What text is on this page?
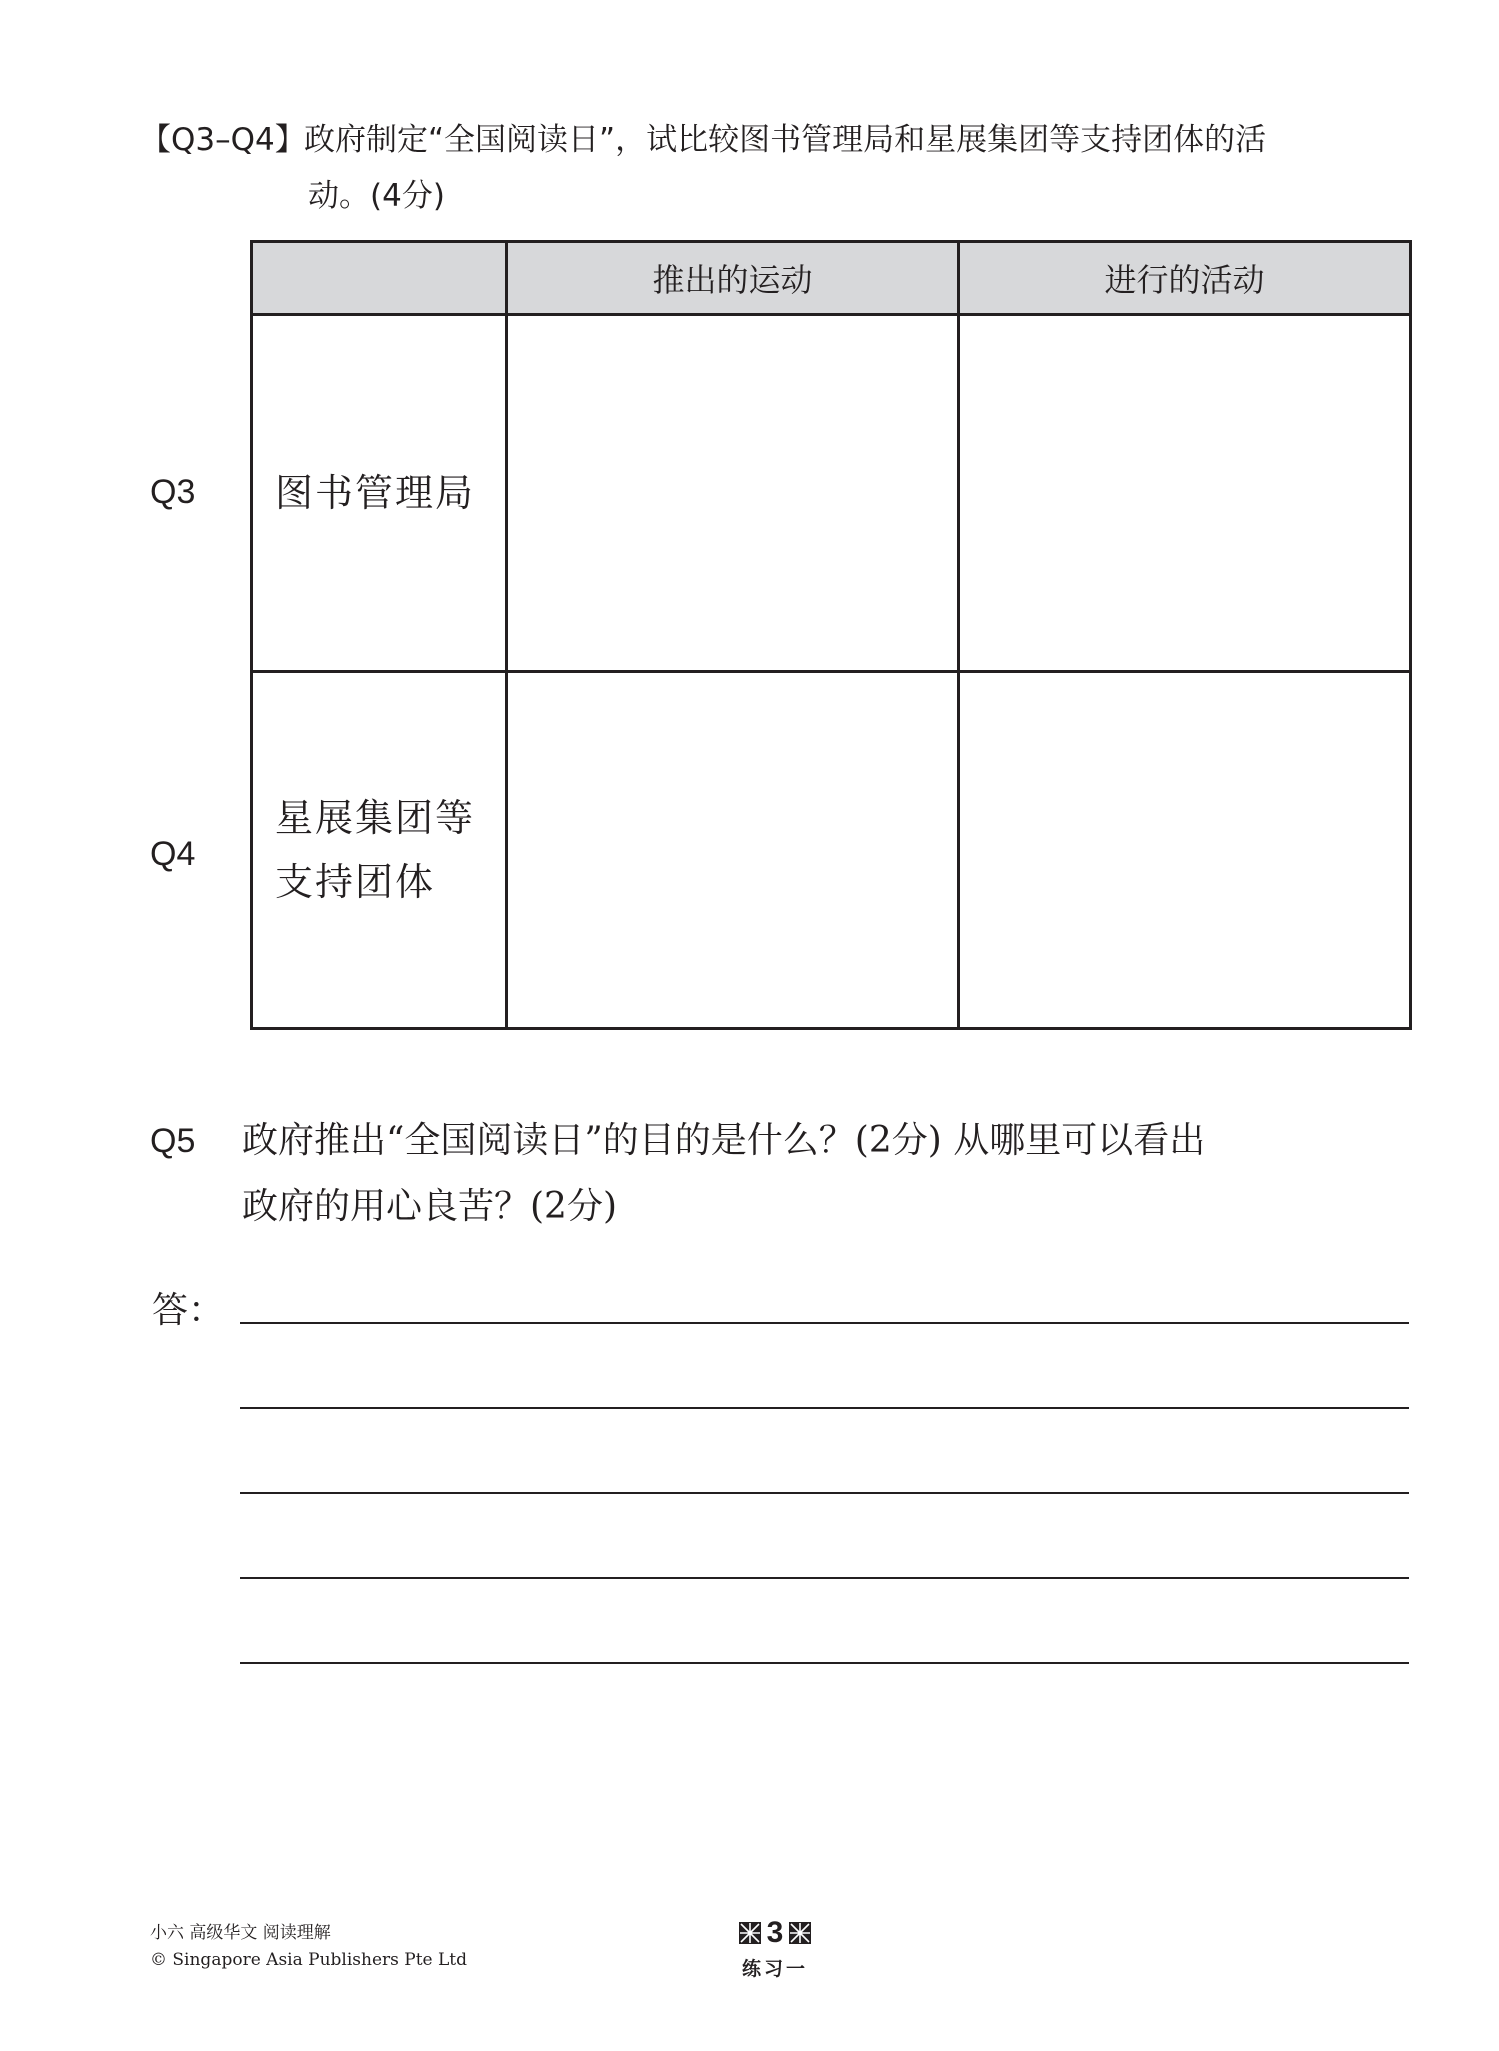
【Q3–Q4】政府制定“全国阅读日”，试比较图书管理局和星展集团等支持团体的活
动。(4分)
Q3
Q4
	推出的运动	进行的活动

图书管理局		

星展集团等
支持团体		

Q5 政府推出“全国阅读日”的目的是什么？(2分) 从哪里可以看出
政府的用心良苦？(2分)
答：
小六 高级华文 阅读理解
© Singapore Asia Publishers Pte Ltd
3
练习一
